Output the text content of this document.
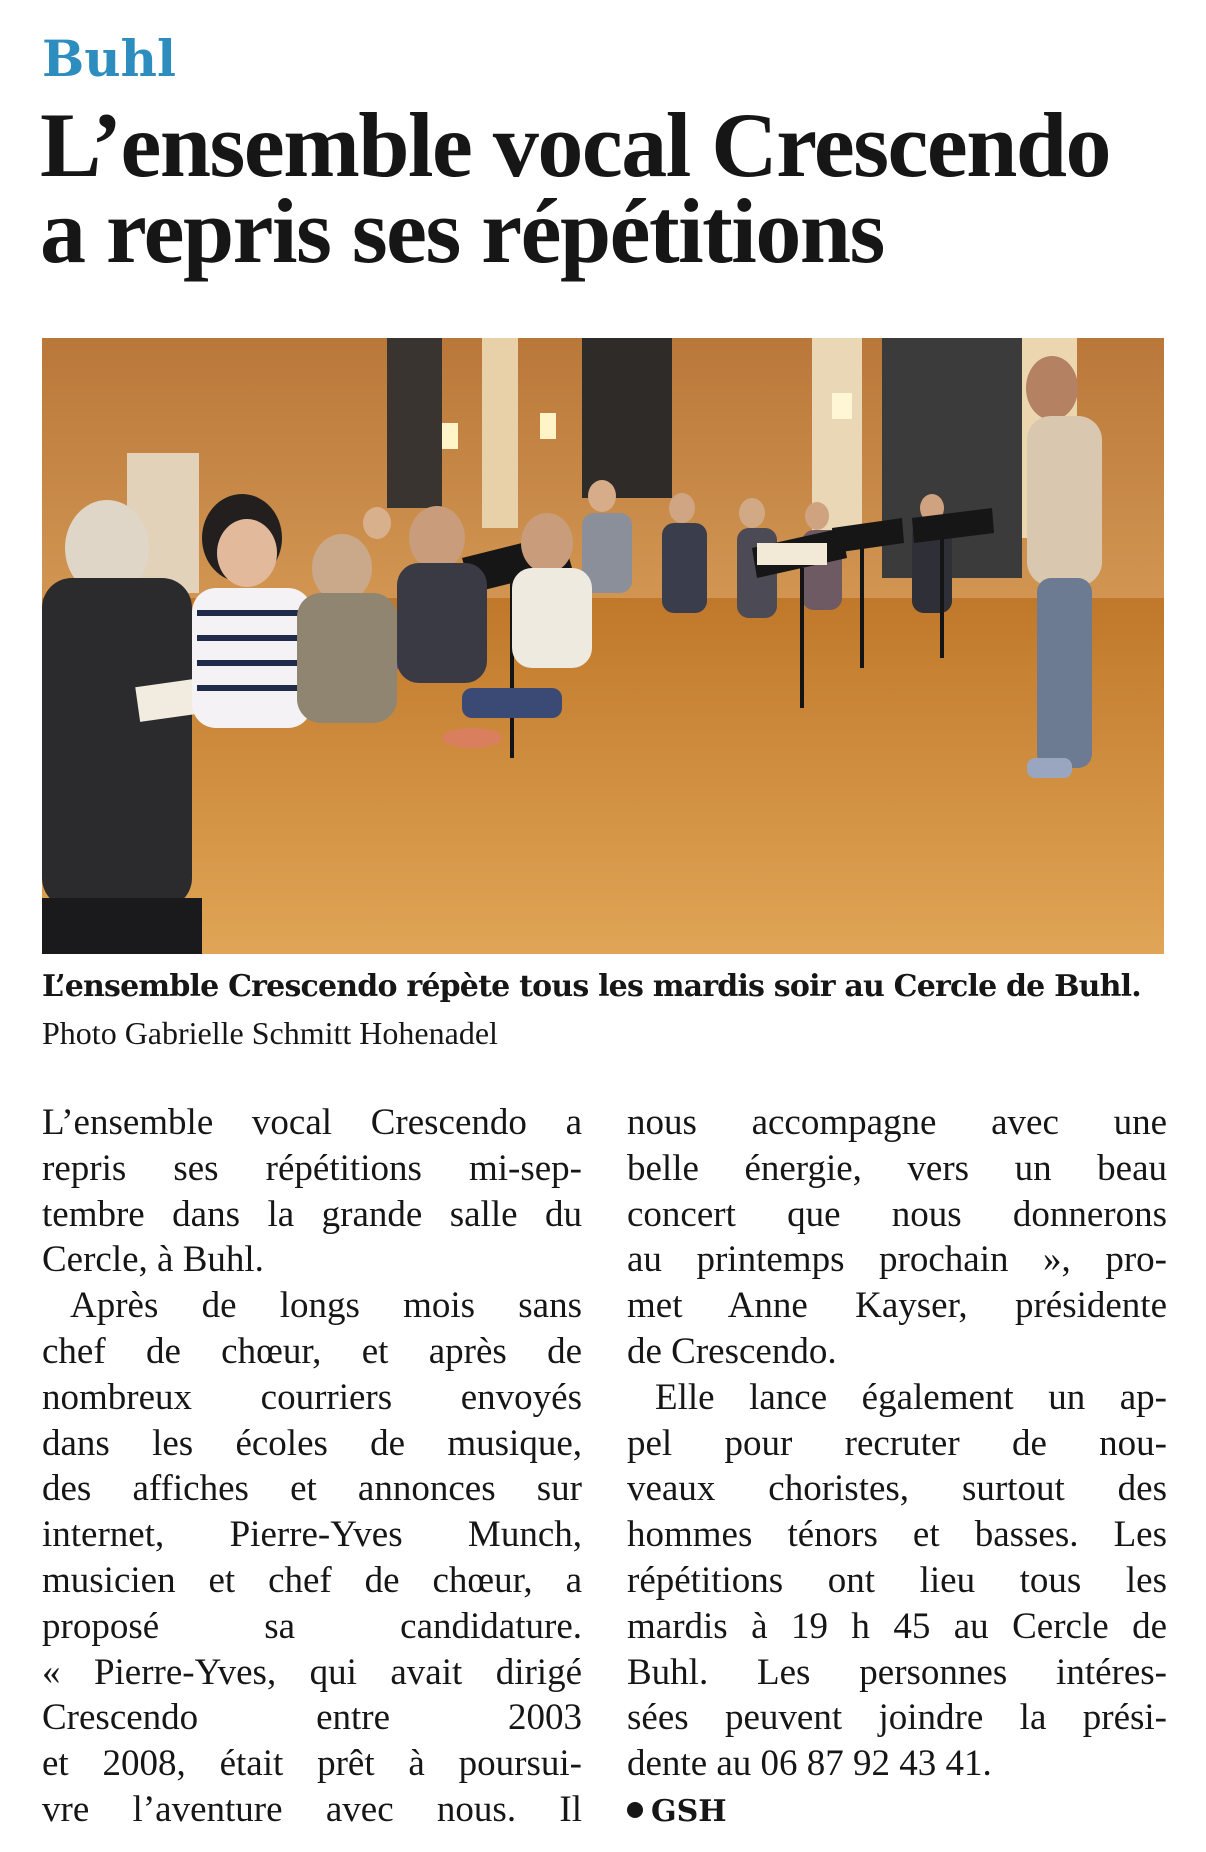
Buhl
L’ensemble vocal Crescendo
a repris ses répétitions
L’ensemble Crescendo répète tous les mardis soir au Cercle de Buhl. Photo Gabrielle Schmitt Hohenadel
L’ensemble vocal Crescendo a
repris ses répétitions mi-sep-
tembre dans la grande salle du
Cercle, à Buhl.
Après de longs mois sans
chef de chœur, et après de
nombreux courriers envoyés
dans les écoles de musique,
des affiches et annonces sur
internet, Pierre-Yves Munch,
musicien et chef de chœur, a
proposé sa candidature.
« Pierre-Yves, qui avait dirigé
Crescendo entre 2003
et 2008, était prêt à poursui-
vre l’aventure avec nous. Il
nous accompagne avec une
belle énergie, vers un beau
concert que nous donnerons
au printemps prochain », pro-
met Anne Kayser, présidente
de Crescendo.
Elle lance également un ap-
pel pour recruter de nou-
veaux choristes, surtout des
hommes ténors et basses. Les
répétitions ont lieu tous les
mardis à 19 h 45 au Cercle de
Buhl. Les personnes intéres-
sées peuvent joindre la prési-
dente au 06 87 92 43 41.
GSH
